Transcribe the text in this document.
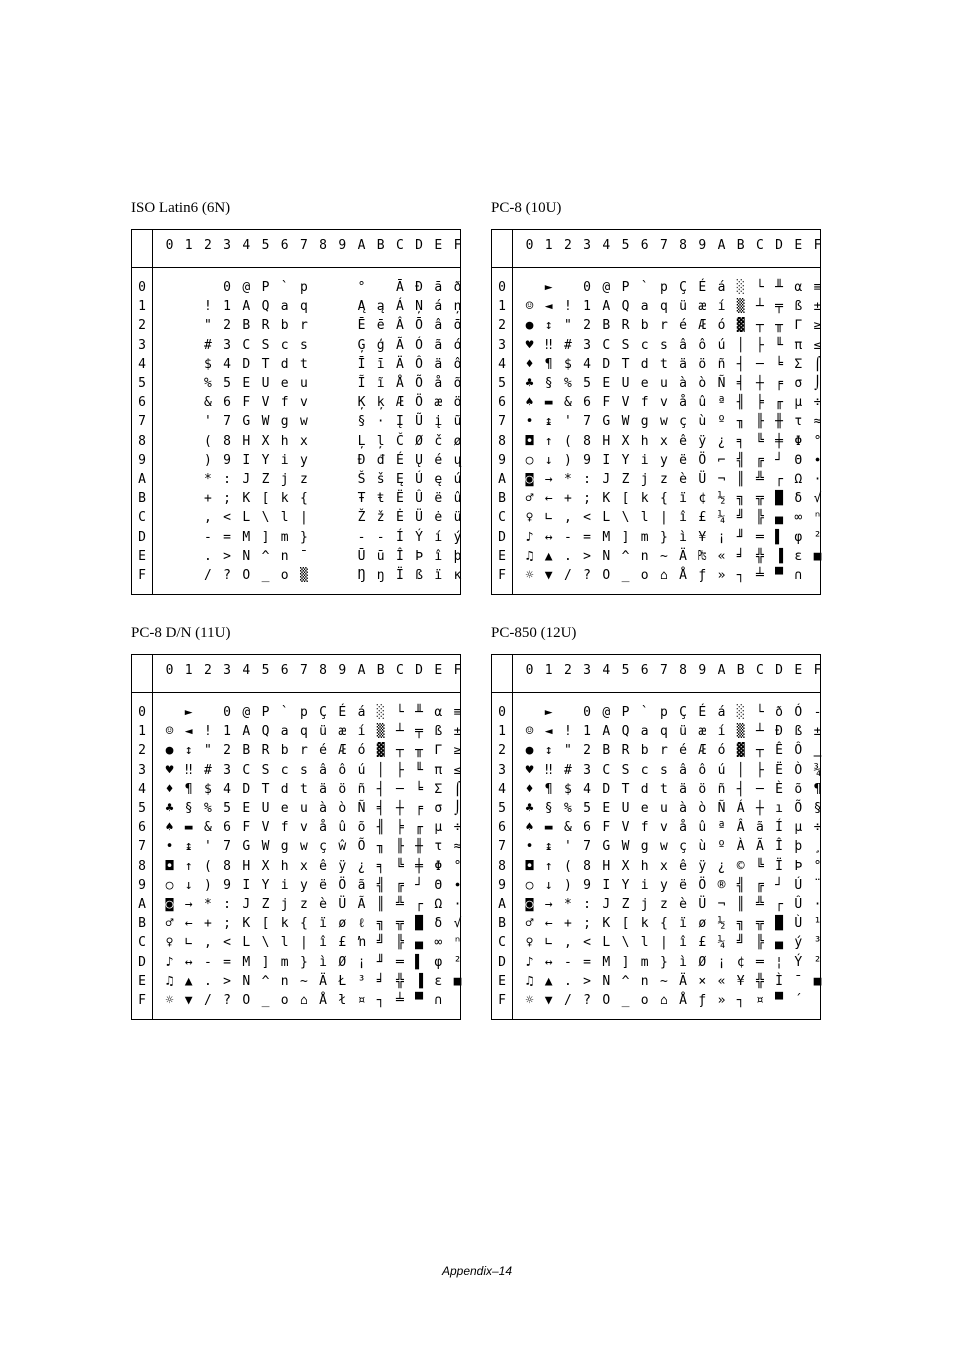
ISO Latin6 (6N)
0 1 2 3 4 5 6 7 8 9 A B C D E F
0	0 @ P ` p	°	Ā Đ ā ð
1	! 1 A Q a q	Ą ą Á Ņ á ņ
2	" 2 B R b r	Ē ē Â Ō â ō
3	# 3 C S c s	Ģ ģ Ã Ó ã ó
4	$ 4 D T d t	Ī ī Ä Ô ä ô
5	% 5 E U e u	Ĩ ĩ Å Õ å õ
6	& 6 F V f v	Ķ ķ Æ Ö æ ö
7	' 7 G W g w	§ · Į Ũ į ũ
8	( 8 H X h x	Ļ ļ Č Ø č ø
9	) 9 I Y i y	Đ đ É Ų é ų
A	* : J Z j z	Š š Ę Ú ę ú
B	+ ; K [ k {	Ŧ ŧ Ë Û ë û
C	, < L \ l |	Ž ž Ė Ü ė ü
D	- = M ] m }	- - Í Ý í ý
E	. > N ^ n ¯	Ū ū Î Þ î þ
F	/ ? O _ o ▒	Ŋ ŋ Ï ß ï ĸ
PC-8 (10U)
0 1 2 3 4 5 6 7 8 9 A B C D E F
0	►	0 @ P ` p Ç É á ░ └ ╨ α ≡
1	☺ ◄ ! 1 A Q a q ü æ í ▒ ┴ ╤ ß ±
2	● ↕ " 2 B R b r é Æ ó ▓ ┬ ╥ Γ ≥
3	♥ ‼ # 3 C S c s â ô ú │ ├ ╙ π ≤
4	♦ ¶ $ 4 D T d t ä ö ñ ┤ ─ ╘ Σ ⌠
5	♣ § % 5 E U e u à ò Ñ ╡ ┼ ╒ σ ⌡
6	♠ ▬ & 6 F V f v å û ª ╢ ╞ ╓ µ ÷
7	• ↨ ' 7 G W g w ç ù º ╖ ╟ ╫ τ ≈
8	◘ ↑ ( 8 H X h x ê ÿ ¿ ╕ ╚ ╪ Φ °
9	○ ↓ ) 9 I Y i y ë Ö ⌐ ╣ ╔ ┘ Θ ∙
A	◙ → * : J Z j z è Ü ¬ ║ ╩ ┌ Ω ·
B	♂ ← + ; K [ k { ï ¢ ½ ╗ ╦ █ δ √
C	♀ ∟ , < L \ l | î £ ¼ ╝ ╠ ▄ ∞ ⁿ
D	♪ ↔ - = M ] m } ì ¥ ¡ ╜ ═ ▌ φ ²
E	♫ ▲ . > N ^ n ~ Ä ₧ « ╛ ╬ ▐ ε ■
F	☼ ▼ / ? O _ o ⌂ Å ƒ » ┐ ╧ ▀ ∩
PC-8 D/N (11U)
0 1 2 3 4 5 6 7 8 9 A B C D E F
0	►	0 @ P ` p Ç É á ░ └ ╨ α ≡
1	☺ ◄ ! 1 A Q a q ü æ í ▒ ┴ ╤ ß ±
2	● ↕ " 2 B R b r é Æ ó ▓ ┬ ╥ Γ ≥
3	♥ ‼ # 3 C S c s â ô ú │ ├ ╙ π ≤
4	♦ ¶ $ 4 D T d t ä ö ñ ┤ ─ ╘ Σ ⌠
5	♣ § % 5 E U e u à ò Ñ ╡ ┼ ╒ σ ⌡
6	♠ ▬ & 6 F V f v å û õ ╢ ╞ ╓ µ ÷
7	• ↨ ' 7 G W g w ç ŵ Õ ╖ ╟ ╫ τ ≈
8	◘ ↑ ( 8 H X h x ê ÿ ¿ ╕ ╚ ╪ Φ °
9	○ ↓ ) 9 I Y i y ë Ö ã ╣ ╔ ┘ Θ ∙
A	◙ → * : J Z j z è Ü Ã ║ ╩ ┌ Ω ·
B	♂ ← + ; K [ k { ï ø ℓ ╗ ╦ █ δ √
C	♀ ∟ , < L \ l | î £ ŉ ╝ ╠ ▄ ∞ ⁿ
D	♪ ↔ - = M ] m } ì Ø ¡ ╜ ═ ▌ φ ²
E	♫ ▲ . > N ^ n ~ Ä Ł ³ ╛ ╬ ▐ ε ■
F	☼ ▼ / ? O _ o ⌂ Å ł ¤ ┐ ╧ ▀ ∩
PC-850 (12U)
0 1 2 3 4 5 6 7 8 9 A B C D E F
0	►	0 @ P ` p Ç É á ░ └ ð Ó -
1	☺ ◄ ! 1 A Q a q ü æ í ▒ ┴ Đ ß ±
2	● ↕ " 2 B R b r é Æ ó ▓ ┬ Ê Ô ‗
3	♥ ‼ # 3 C S c s â ô ú │ ├ Ë Ò ¾
4	♦ ¶ $ 4 D T d t ä ö ñ ┤ ─ È õ ¶
5	♣ § % 5 E U e u à ò Ñ Á ┼ ı Õ §
6	♠ ▬ & 6 F V f v å û ª Â ã Í µ ÷
7	• ↨ ' 7 G W g w ç ù º À Ã Î þ ¸
8	◘ ↑ ( 8 H X h x ê ÿ ¿ © ╚ Ï Þ °
9	○ ↓ ) 9 I Y i y ë Ö ® ╣ ╔ ┘ Ú ¨
A	◙ → * : J Z j z è Ü ¬ ║ ╩ ┌ Û ·
B	♂ ← + ; K [ k { ï ø ½ ╗ ╦ █ Ù ¹
C	♀ ∟ , < L \ l | î £ ¼ ╝ ╠ ▄ ý ³
D	♪ ↔ - = M ] m } ì Ø ¡ ¢ ═ ¦ Ý ²
E	♫ ▲ . > N ^ n ~ Ä × « ¥ ╬ Ì ¯ ■
F	☼ ▼ / ? O _ o ⌂ Å ƒ » ┐ ¤ ▀ ´
Appendix–14
